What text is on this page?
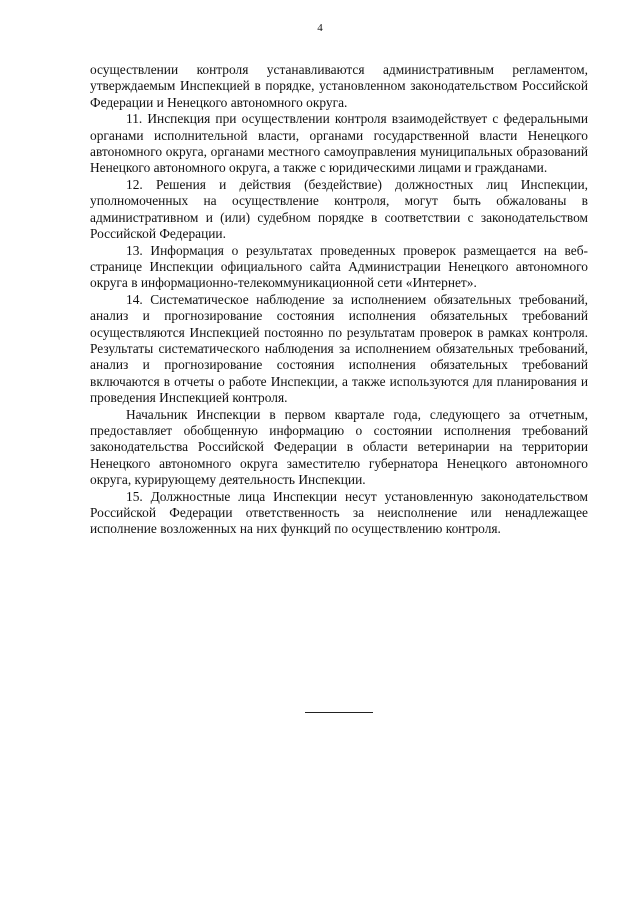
4

осуществлении контроля устанавливаются административным регламентом, утверждаемым Инспекцией в порядке, установленном законодательством Российской Федерации и Ненецкого автономного округа.

11. Инспекция при осуществлении контроля взаимодействует с федеральными органами исполнительной власти, органами государственной власти Ненецкого автономного округа, органами местного самоуправления муниципальных образований Ненецкого автономного округа, а также с юридическими лицами и гражданами.

12. Решения и действия (бездействие) должностных лиц Инспекции, уполномоченных на осуществление контроля, могут быть обжалованы в административном и (или) судебном порядке в соответствии с законодательством Российской Федерации.

13. Информация о результатах проведенных проверок размещается на веб-странице Инспекции официального сайта Администрации Ненецкого автономного округа в информационно-телекоммуникационной сети «Интернет».

14. Систематическое наблюдение за исполнением обязательных требований, анализ и прогнозирование состояния исполнения обязательных требований осуществляются Инспекцией постоянно по результатам проверок в рамках контроля. Результаты систематического наблюдения за исполнением обязательных требований, анализ и прогнозирование состояния исполнения обязательных требований включаются в отчеты о работе Инспекции, а также используются для планирования и проведения Инспекцией контроля.

Начальник Инспекции в первом квартале года, следующего за отчетным, предоставляет обобщенную информацию о состоянии исполнения требований законодательства Российской Федерации в области ветеринарии на территории Ненецкого автономного округа заместителю губернатора Ненецкого автономного округа, курирующему деятельность Инспекции.

15. Должностные лица Инспекции несут установленную законодательством Российской Федерации ответственность за неисполнение или ненадлежащее исполнение возложенных на них функций по осуществлению контроля.
